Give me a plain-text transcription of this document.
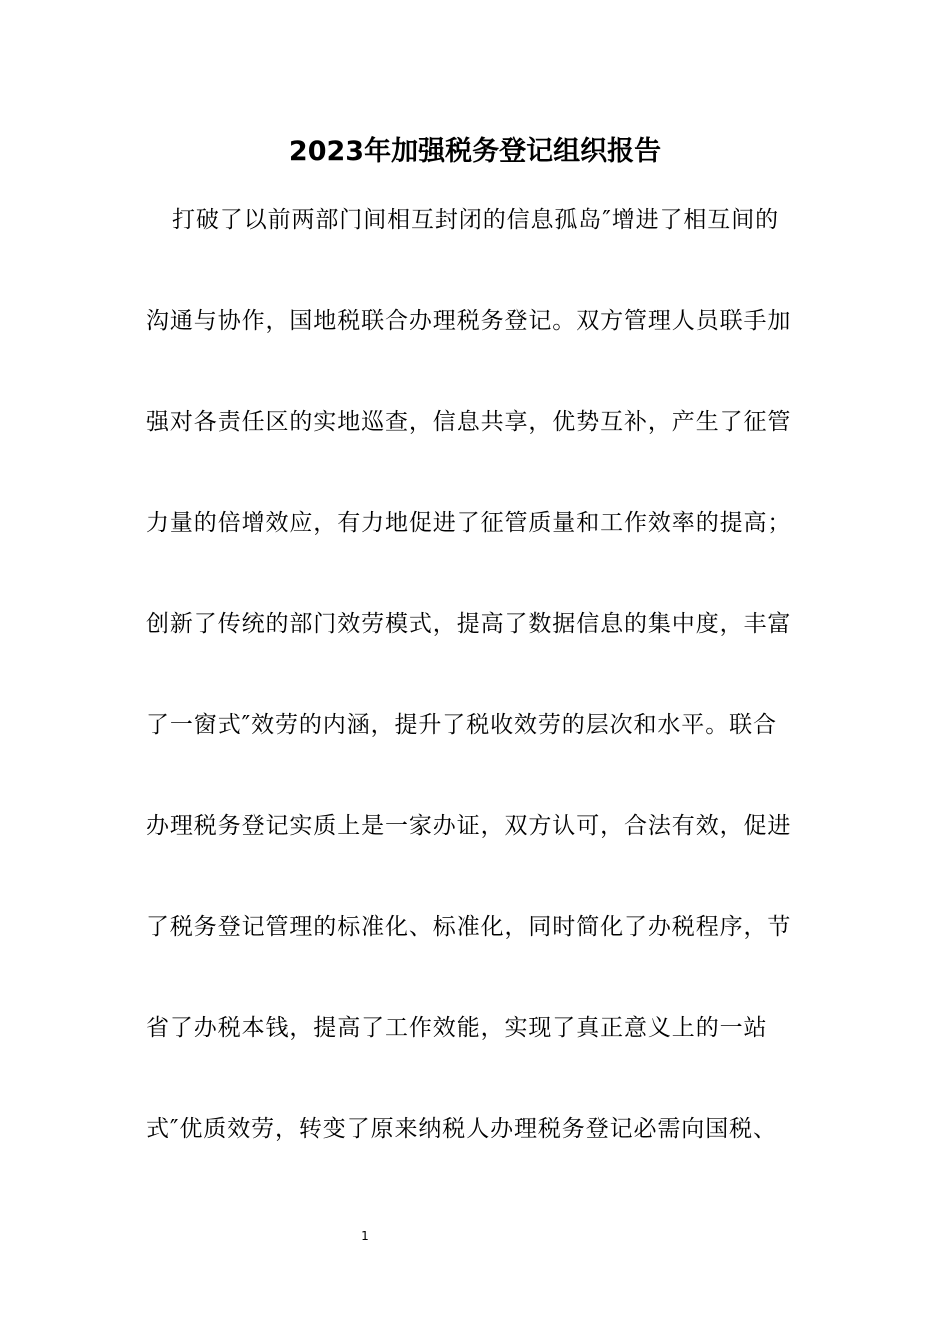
2023年加强税务登记组织报告
打破了以前两部门间相互封闭的信息孤岛″增进了相互间的
沟通与协作，国地税联合办理税务登记。双方管理人员联手加
强对各责任区的实地巡查，信息共享，优势互补，产生了征管
力量的倍增效应，有力地促进了征管质量和工作效率的提高；
创新了传统的部门效劳模式，提高了数据信息的集中度，丰富
了一窗式″效劳的内涵，提升了税收效劳的层次和水平。联合
办理税务登记实质上是一家办证，双方认可，合法有效，促进
了税务登记管理的标准化、标准化，同时简化了办税程序，节
省了办税本钱，提高了工作效能，实现了真正意义上的一站
式″优质效劳，转变了原来纳税人办理税务登记必需向国税、
1
